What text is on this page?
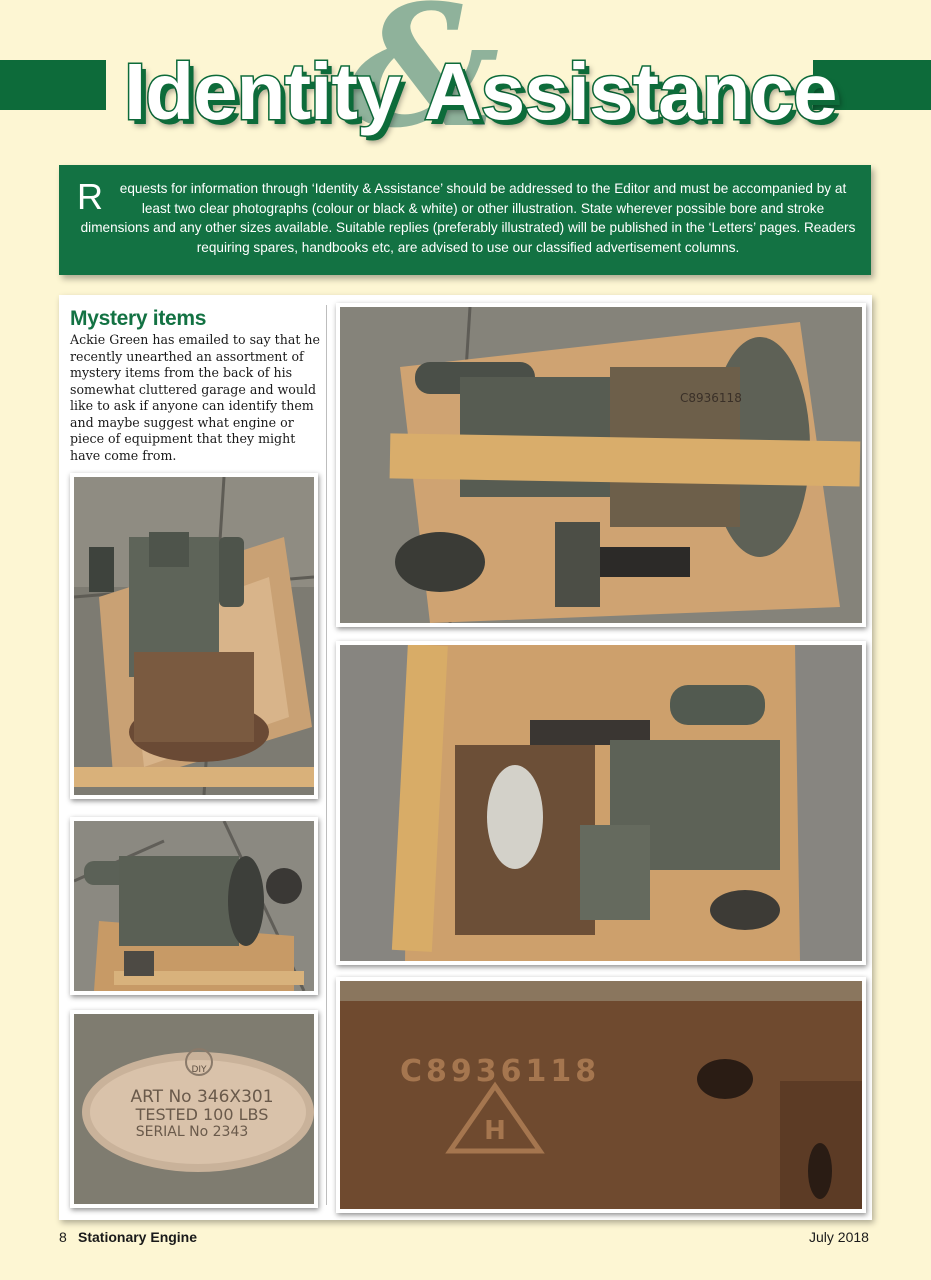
&
Identity Assistance
R equests for information through ‘Identity & Assistance’ should be addressed to the Editor and must be accompanied by at least two clear photographs (colour or black & white) or other illustration. State wherever possible bore and stroke dimensions and any other sizes available. Suitable replies (preferably illustrated) will be published in the ‘Letters’ pages. Readers requiring spares, handbooks etc, are advised to use our classified advertisement columns.
Mystery items
Ackie Green has emailed to say that he recently unearthed an assortment of mystery items from the back of his somewhat cluttered garage and would like to ask if anyone can identify them and maybe suggest what engine or piece of equipment that they might have come from.
DIY
ART No 346X301
TESTED 100 LBS
SERIAL No 2343
C8936118
C8936118
H
8 Stationary Engine	July 2018
